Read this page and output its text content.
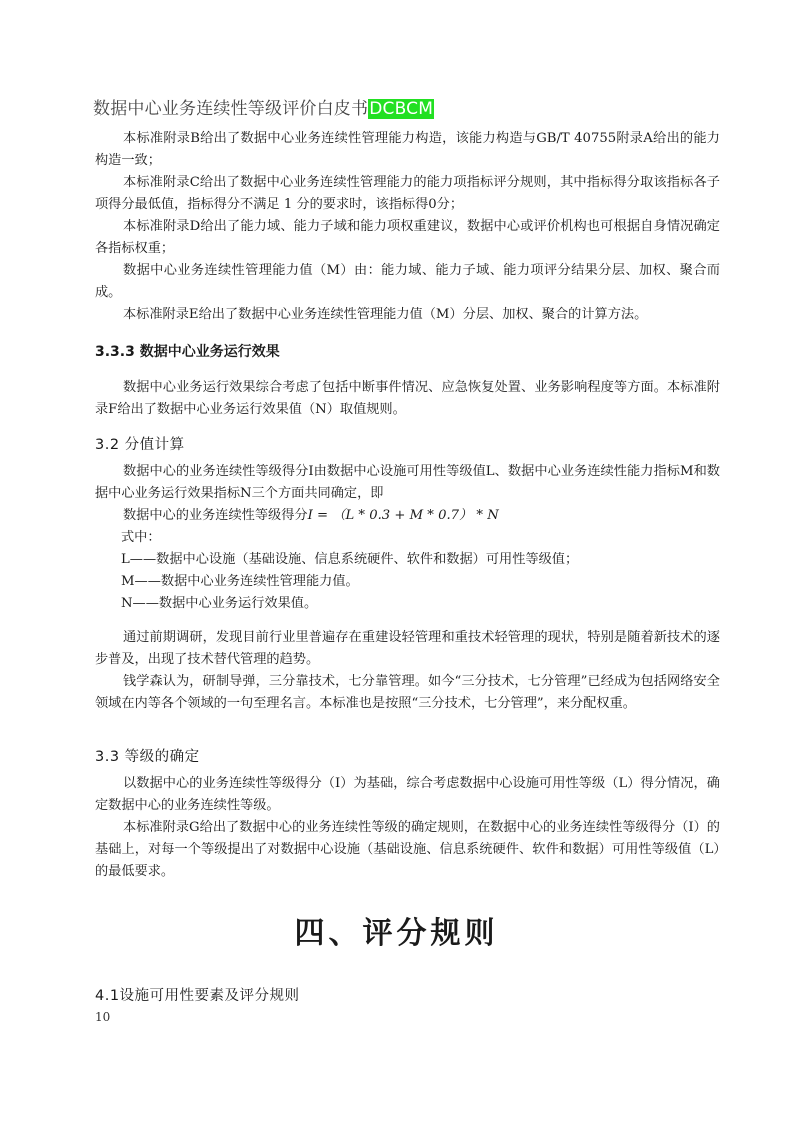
数据中心业务连续性等级评价白皮书DCBCM

本标准附录B给出了数据中心业务连续性管理能力构造，该能力构造与GB/T 40755附录A给出的能力构造一致；

本标准附录C给出了数据中心业务连续性管理能力的能力项指标评分规则，其中指标得分取该指标各子项得分最低值，指标得分不满足 1 分的要求时，该指标得0分；

本标准附录D给出了能力域、能力子域和能力项权重建议，数据中心或评价机构也可根据自身情况确定各指标权重；

数据中心业务连续性管理能力值（M）由：能力域、能力子域、能力项评分结果分层、加权、聚合而成。

本标准附录E给出了数据中心业务连续性管理能力值（M）分层、加权、聚合的计算方法。

3.3.3 数据中心业务运行效果

数据中心业务运行效果综合考虑了包括中断事件情况、应急恢复处置、业务影响程度等方面。本标准附录F给出了数据中心业务运行效果值（N）取值规则。

3.2 分值计算

数据中心的业务连续性等级得分I由数据中心设施可用性等级值L、数据中心业务连续性能力指标M和数据中心业务运行效果指标N三个方面共同确定，即

数据中心的业务连续性等级得分I = （L * 0.3 + M * 0.7） * N

式中：

L——数据中心设施（基础设施、信息系统硬件、软件和数据）可用性等级值；

M——数据中心业务连续性管理能力值。

N——数据中心业务运行效果值。

通过前期调研，发现目前行业里普遍存在重建设轻管理和重技术轻管理的现状，特别是随着新技术的逐步普及，出现了技术替代管理的趋势。

钱学森认为，研制导弹，三分靠技术，七分靠管理。如今“三分技术，七分管理”已经成为包括网络安全领域在内等各个领域的一句至理名言。本标准也是按照“三分技术，七分管理”，来分配权重。

3.3 等级的确定

以数据中心的业务连续性等级得分（I）为基础，综合考虑数据中心设施可用性等级（L）得分情况，确定数据中心的业务连续性等级。

本标准附录G给出了数据中心的业务连续性等级的确定规则，在数据中心的业务连续性等级得分（I）的基础上，对每一个等级提出了对数据中心设施（基础设施、信息系统硬件、软件和数据）可用性等级值（L）的最低要求。

四、评分规则
4.1设施可用性要素及评分规则
10
